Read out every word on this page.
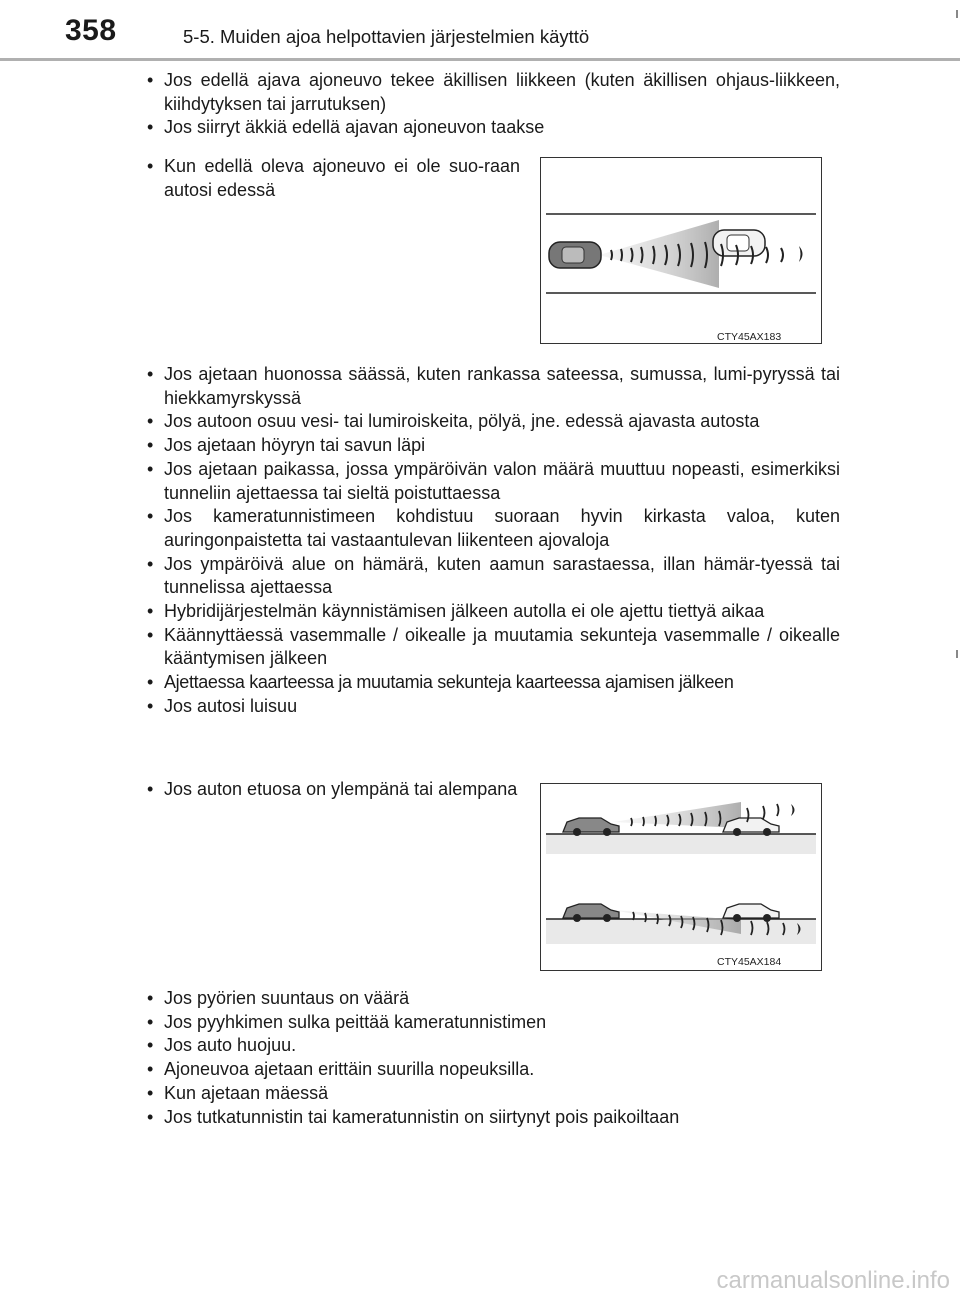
358	5-5. Muiden ajoa helpottavien järjestelmien käyttö
• Jos edellä ajava ajoneuvo tekee äkillisen liikkeen (kuten äkillisen ohjaus-liikkeen, kiihdytyksen tai jarrutuksen)
• Jos siirryt äkkiä edellä ajavan ajoneuvon taakse
• Kun edellä oleva ajoneuvo ei ole suo-raan autosi edessä
CTY45AX183
• Jos ajetaan huonossa säässä, kuten rankassa sateessa, sumussa, lumi-pyryssä tai hiekkamyrskyssä
• Jos autoon osuu vesi- tai lumiroiskeita, pölyä, jne. edessä ajavasta autosta
• Jos ajetaan höyryn tai savun läpi
• Jos ajetaan paikassa, jossa ympäröivän valon määrä muuttuu nopeasti, esimerkiksi tunneliin ajettaessa tai sieltä poistuttaessa
• Jos kameratunnistimeen kohdistuu suoraan hyvin kirkasta valoa, kuten auringonpaistetta tai vastaantulevan liikenteen ajovaloja
• Jos ympäröivä alue on hämärä, kuten aamun sarastaessa, illan hämär-tyessä tai tunnelissa ajettaessa
• Hybridijärjestelmän käynnistämisen jälkeen autolla ei ole ajettu tiettyä aikaa
• Käännyttäessä vasemmalle / oikealle ja muutamia sekunteja vasemmalle / oikealle kääntymisen jälkeen
• Ajettaessa kaarteessa ja muutamia sekunteja kaarteessa ajamisen jälkeen
• Jos autosi luisuu
• Jos auton etuosa on ylempänä tai alempana
CTY45AX184
• Jos pyörien suuntaus on väärä
• Jos pyyhkimen sulka peittää kameratunnistimen
• Jos auto huojuu.
• Ajoneuvoa ajetaan erittäin suurilla nopeuksilla.
• Kun ajetaan mäessä
• Jos tutkatunnistin tai kameratunnistin on siirtynyt pois paikoiltaan
carmanualsonline.info
